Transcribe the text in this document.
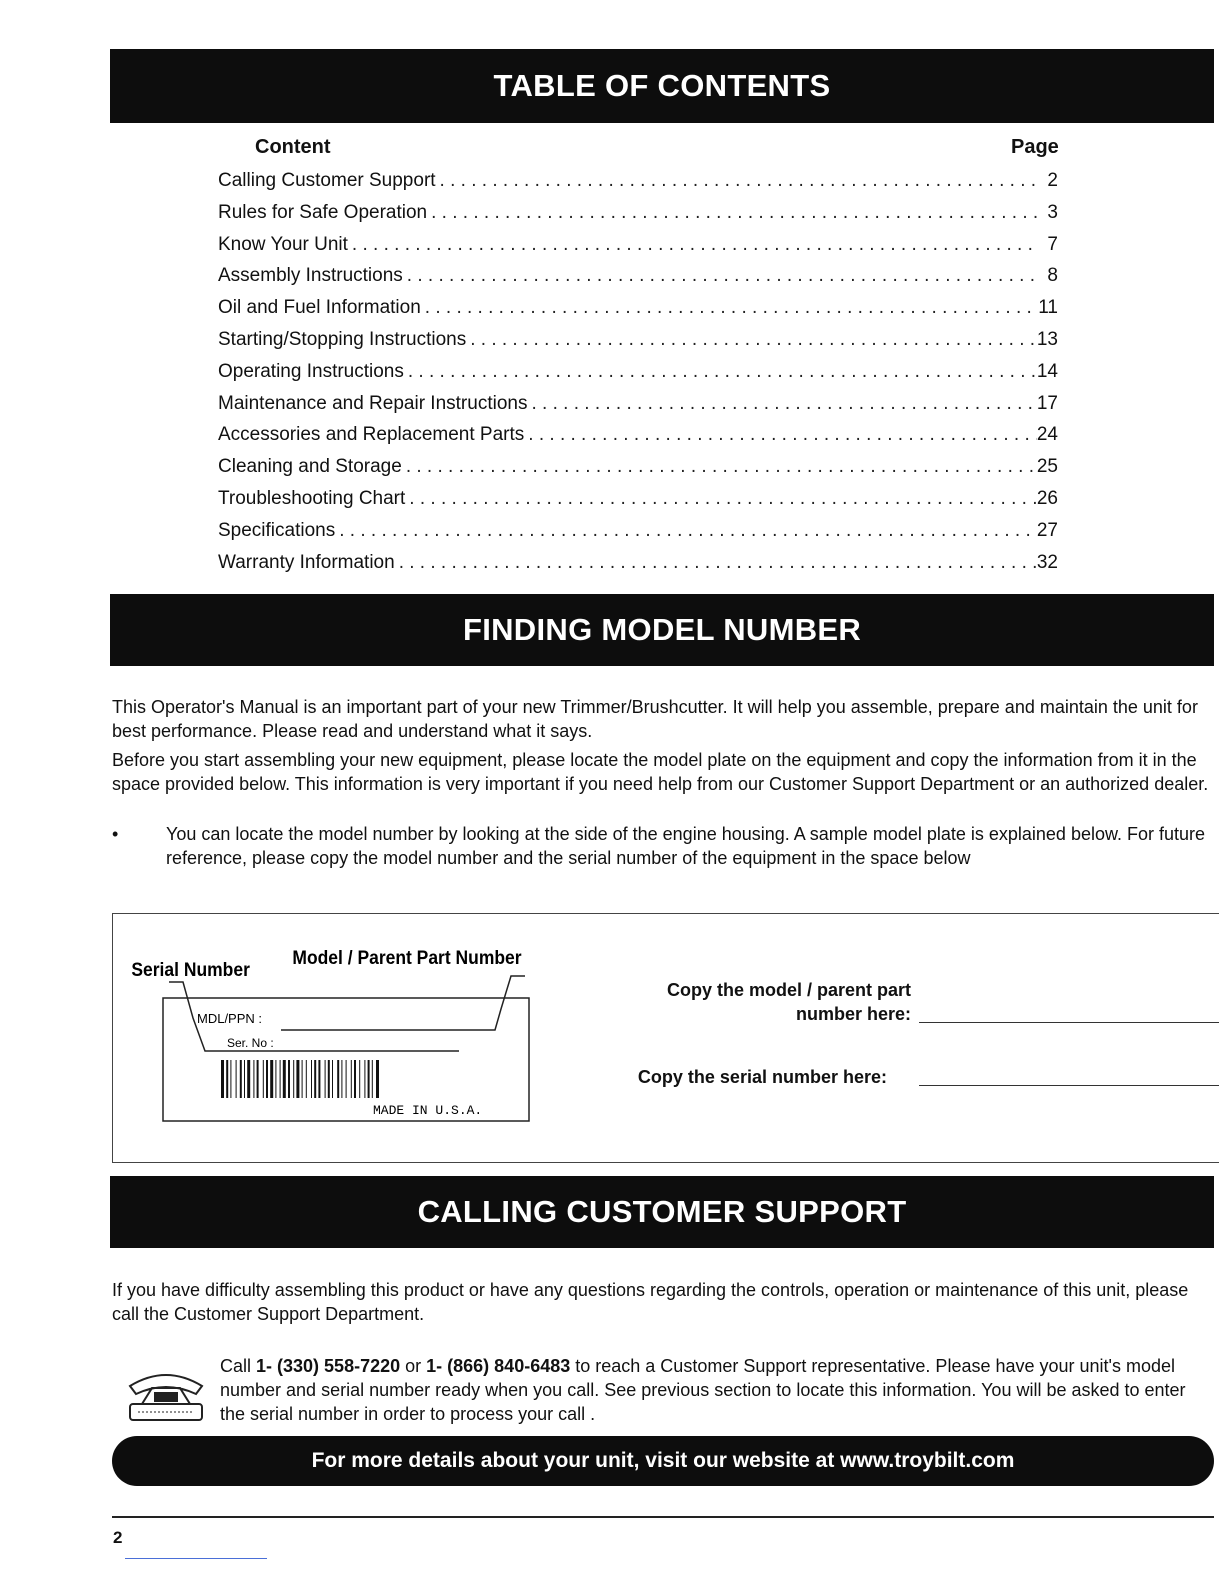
TABLE OF CONTENTS
Content	Page
Calling Customer Support . . .	2
Rules for Safe Operation . . .	3
Know Your Unit . . .	7
Assembly Instructions . . .	8
Oil and Fuel Information . . .	11
Starting/Stopping Instructions . . .	13
Operating Instructions . . .	14
Maintenance and Repair Instructions . . .	17
Accessories and Replacement Parts . . .	24
Cleaning and Storage . . .	25
Troubleshooting Chart . . .	26
Specifications . . .	27
Warranty Information . . .	32
FINDING MODEL NUMBER

This Operator's Manual is an important part of your new Trimmer/Brushcutter. It will help you assemble, prepare and maintain the unit for best performance. Please read and understand what it says.

Before you start assembling your new equipment, please locate the model plate on the equipment and copy the information from it in the space provided below. This information is very important if you need help from our Customer Support Department or an authorized dealer.

•	You can locate the model number by looking at the side of the engine housing. A sample model plate is explained below. For future reference, please copy the model number and the serial number of the equipment in the space below
Serial Number
Model / Parent Part Number
MDL/PPN :
Ser. No :
MADE IN U.S.A.
Copy the model / parent part
number here:
Copy the serial number here:
CALLING CUSTOMER SUPPORT

If you have difficulty assembling this product or have any questions regarding the controls, operation or maintenance of this unit, please call the Customer Support Department.

Call 1- (330) 558-7220 or 1- (866) 840-6483 to reach a Customer Support representative. Please have your unit's model number and serial number ready when you call. See previous section to locate this information. You will be asked to enter the serial number in order to process your call .

For more details about your unit, visit our website at www.troybilt.com
2
